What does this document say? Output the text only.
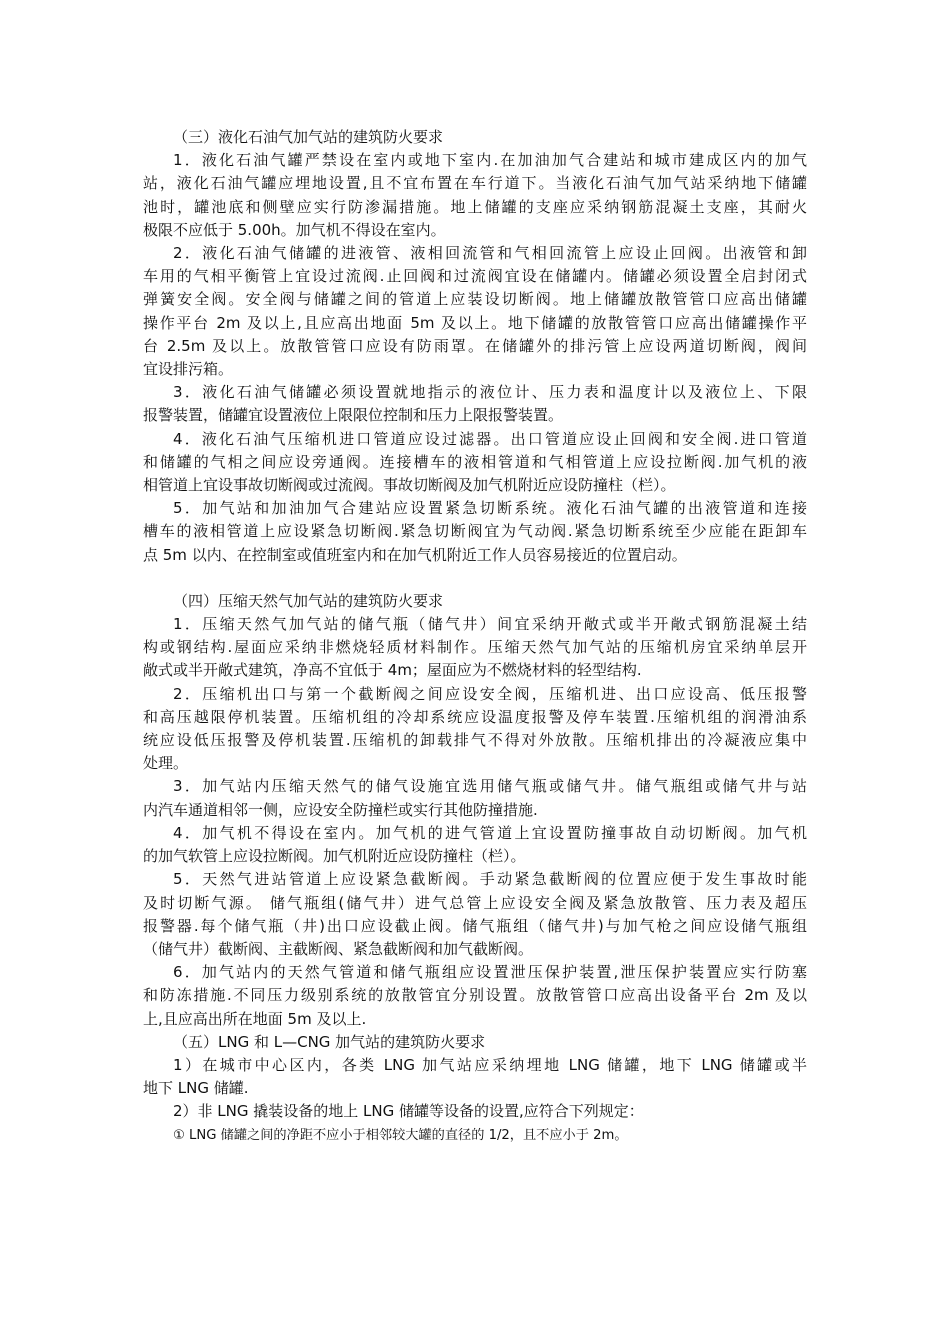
（三）液化石油气加气站的建筑防火要求

1．液化石油气罐严禁设在室内或地下室内.在加油加气合建站和城市建成区内的加气

站，液化石油气罐应埋地设置,且不宜布置在车行道下。当液化石油气加气站采纳地下储罐

池时，罐池底和侧壁应实行防渗漏措施。地上储罐的支座应采纳钢筋混凝土支座，其耐火

极限不应低于 5.00h。加气机不得设在室内。

2．液化石油气储罐的进液管、液相回流管和气相回流管上应设止回阀。出液管和卸

车用的气相平衡管上宜设过流阀.止回阀和过流阀宜设在储罐内。储罐必须设置全启封闭式

弹簧安全阀。安全阀与储罐之间的管道上应装设切断阀。地上储罐放散管管口应高出储罐

操作平台 2m 及以上,且应高出地面 5m 及以上。地下储罐的放散管管口应高出储罐操作平

台 2.5m 及以上。放散管管口应设有防雨罩。在储罐外的排污管上应设两道切断阀，阀间

宜设排污箱。

3．液化石油气储罐必须设置就地指示的液位计、压力表和温度计以及液位上、下限

报警装置，储罐宜设置液位上限限位控制和压力上限报警装置。

4．液化石油气压缩机进口管道应设过滤器。出口管道应设止回阀和安全阀.进口管道

和储罐的气相之间应设旁通阀。连接槽车的液相管道和气相管道上应设拉断阀.加气机的液

相管道上宜设事故切断阀或过流阀。事故切断阀及加气机附近应设防撞柱（栏）。

5．加气站和加油加气合建站应设置紧急切断系统。液化石油气罐的出液管道和连接

槽车的液相管道上应设紧急切断阀.紧急切断阀宜为气动阀.紧急切断系统至少应能在距卸车

点 5m 以内、在控制室或值班室内和在加气机附近工作人员容易接近的位置启动。

（四）压缩天然气加气站的建筑防火要求

1．压缩天然气加气站的储气瓶（储气井）间宜采纳开敞式或半开敞式钢筋混凝土结

构或钢结构.屋面应采纳非燃烧轻质材料制作。压缩天然气加气站的压缩机房宜采纳单层开

敞式或半开敞式建筑，净高不宜低于 4m；屋面应为不燃烧材料的轻型结构.

2．压缩机出口与第一个截断阀之间应设安全阀，压缩机进、出口应设高、低压报警

和高压越限停机装置。压缩机组的冷却系统应设温度报警及停车装置.压缩机组的润滑油系

统应设低压报警及停机装置.压缩机的卸载排气不得对外放散。压缩机排出的冷凝液应集中

处理。

3．加气站内压缩天然气的储气设施宜选用储气瓶或储气井。储气瓶组或储气井与站

内汽车通道相邻一侧，应设安全防撞栏或实行其他防撞措施.

4．加气机不得设在室内。加气机的进气管道上宜设置防撞事故自动切断阀。加气机

的加气软管上应设拉断阀。加气机附近应设防撞柱（栏）。

5．天然气进站管道上应设紧急截断阀。手动紧急截断阀的位置应便于发生事故时能

及时切断气源。 储气瓶组(储气井）进气总管上应设安全阀及紧急放散管、压力表及超压

报警器.每个储气瓶（井)出口应设截止阀。储气瓶组（储气井)与加气枪之间应设储气瓶组

（储气井）截断阀、主截断阀、紧急截断阀和加气截断阀。

6．加气站内的天然气管道和储气瓶组应设置泄压保护装置,泄压保护装置应实行防塞

和防冻措施.不同压力级别系统的放散管宜分别设置。放散管管口应高出设备平台 2m 及以

上,且应高出所在地面 5m 及以上.

（五）LNG 和 L—CNG 加气站的建筑防火要求

1）在城市中心区内，各类 LNG 加气站应采纳埋地 LNG 储罐，地下 LNG 储罐或半

地下 LNG 储罐.

2）非 LNG 撬装设备的地上 LNG 储罐等设备的设置,应符合下列规定：

① LNG 储罐之间的净距不应小于相邻较大罐的直径的 1/2，且不应小于 2m。
